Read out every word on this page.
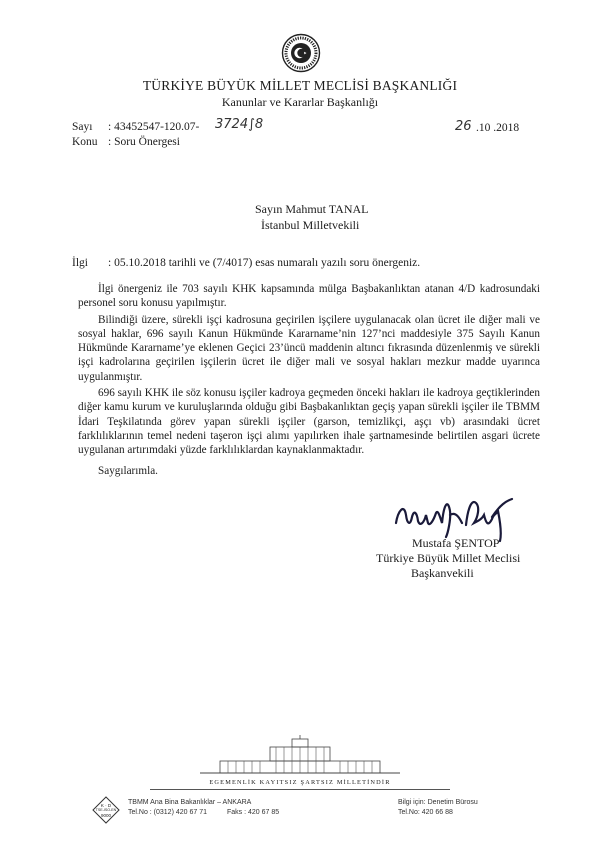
TÜRKİYE BÜYÜK MİLLET MECLİSİ BAŞKANLIĞI
Kanunlar ve Kararlar Başkanlığı
Sayı : 43452547-120.07- 3724∫8
Konu : Soru Önergesi
26 .10 .2018
Sayın Mahmut TANAL
İstanbul Milletvekili
İlgi : 05.10.2018 tarihli ve (7/4017) esas numaralı yazılı soru önergeniz.

İlgi önergeniz ile 703 sayılı KHK kapsamında mülga Başbakanlıktan atanan 4/D kadrosundaki personel soru konusu yapılmıştır.

Bilindiği üzere, sürekli işçi kadrosuna geçirilen işçilere uygulanacak olan ücret ile diğer mali ve sosyal haklar, 696 sayılı Kanun Hükmünde Kararname’nin 127’nci maddesiyle 375 Sayılı Kanun Hükmünde Kararname’ye eklenen Geçici 23’üncü maddenin altıncı fıkrasında düzenlenmiş ve sürekli işçi kadrolarına geçirilen işçilerin ücret ile diğer mali ve sosyal hakları mezkur madde uyarınca uygulanmıştır.

696 sayılı KHK ile söz konusu işçiler kadroya geçmeden önceki hakları ile kadroya geçtiklerinden diğer kamu kurum ve kuruluşlarında olduğu gibi Başbakanlıktan geçiş yapan sürekli işçiler ile TBMM İdari Teşkilatında görev yapan sürekli işçiler (garson, temizlikçi, aşçı vb) arasındaki ücret farklılıklarının temel nedeni taşeron işçi alımı yapılırken ihale şartnamesinde belirtilen asgari ücrete uygulanan artırımdaki yüzde farklılıklardan kaynaklanmaktadır.

Saygılarımla.

Mustafa ŞENTOP
Türkiye Büyük Millet Meclisi
Başkanvekili
EGEMENLİK KAYITSIZ ŞARTSIZ MİLLETİNDİR
K · D
TSE-ISO-EN
9000
TBMM Ana Bina Bakanlıklar – ANKARA
Tel.No : (0312) 420 67 71	Faks : 420 67 85
Bilgi için: Denetim Bürosu
Tel.No: 420 66 88
